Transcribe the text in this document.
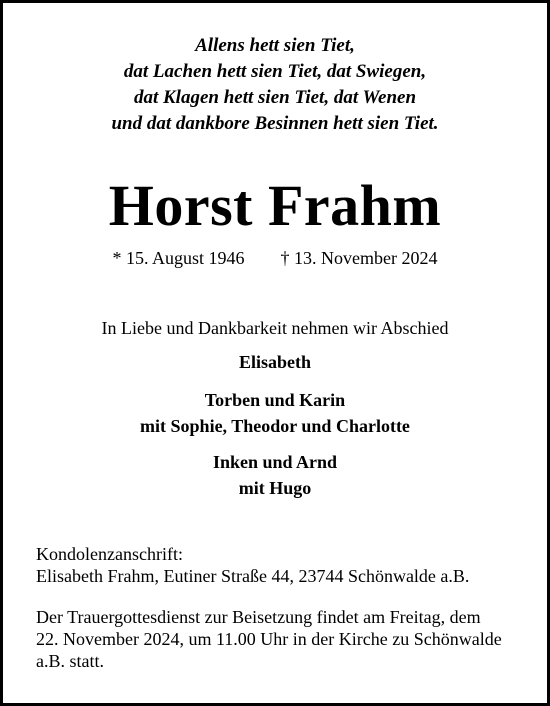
Allens hett sien Tiet,
dat Lachen hett sien Tiet, dat Swiegen,
dat Klagen hett sien Tiet, dat Wenen
und dat dankbore Besinnen hett sien Tiet.
Horst Frahm
* 15. August 1946 † 13. November 2024
In Liebe und Dankbarkeit nehmen wir Abschied
Elisabeth
Torben und Karin
mit Sophie, Theodor und Charlotte
Inken und Arnd
mit Hugo
Kondolenzanschrift:
Elisabeth Frahm, Eutiner Straße 44, 23744 Schönwalde a.B.
Der Trauergottesdienst zur Beisetzung findet am Freitag, dem
22. November 2024, um 11.00 Uhr in der Kirche zu Schönwalde
a.B. statt.
